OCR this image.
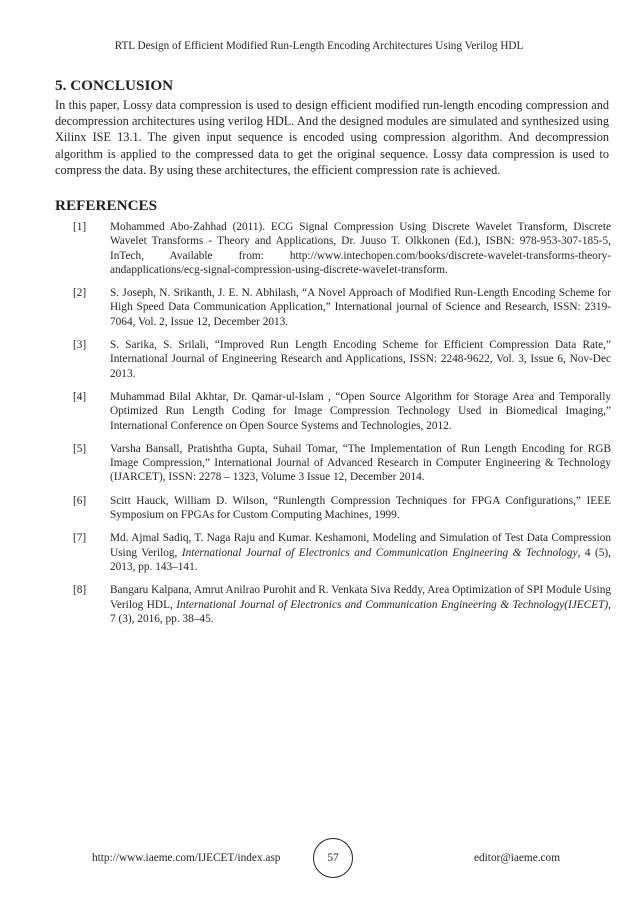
RTL Design of Efficient Modified Run-Length Encoding Architectures Using Verilog HDL
5. CONCLUSION

In this paper, Lossy data compression is used to design efficient modified run-length encoding compression and decompression architectures using verilog HDL. And the designed modules are simulated and synthesized using Xilinx ISE 13.1. The given input sequence is encoded using compression algorithm. And decompression algorithm is applied to the compressed data to get the original sequence. Lossy data compression is used to compress the data. By using these architectures, the efficient compression rate is achieved.

REFERENCES
[1] Mohammed Abo-Zahhad (2011). ECG Signal Compression Using Discrete Wavelet Transform, Discrete Wavelet Transforms - Theory and Applications, Dr. Juuso T. Olkkonen (Ed.), ISBN: 978-953-307-185-5, InTech, Available from: http://www.intechopen.com/books/discrete-wavelet-transforms-theory-andapplications/ecg-signal-compression-using-discrete-wavelet-transform.
[2] S. Joseph, N. Srikanth, J. E. N. Abhilash, “A Novel Approach of Modified Run-Length Encoding Scheme for High Speed Data Communication Application,” International journal of Science and Research, ISSN: 2319-7064, Vol. 2, Issue 12, December 2013.
[3] S. Sarika, S. Srilali, “Improved Run Length Encoding Scheme for Efficient Compression Data Rate,” International Journal of Engineering Research and Applications, ISSN: 2248-9622, Vol. 3, Issue 6, Nov-Dec 2013.
[4] Muhammad Bilal Akhtar, Dr. Qamar-ul-Islam , “Open Source Algorithm for Storage Area and Temporally Optimized Run Length Coding for Image Compression Technology Used in Biomedical Imaging,” International Conference on Open Source Systems and Technologies, 2012.
[5] Varsha Bansall, Pratishtha Gupta, Suhail Tomar, “The Implementation of Run Length Encoding for RGB Image Compression,” International Journal of Advanced Research in Computer Engineering & Technology (IJARCET), ISSN: 2278 – 1323, Volume 3 Issue 12, December 2014.
[6] Scitt Hauck, William D. Wilson, “Runlength Compression Techniques for FPGA Configurations,” IEEE Symposium on FPGAs for Custom Computing Machines, 1999.
[7] Md. Ajmal Sadiq, T. Naga Raju and Kumar. Keshamoni, Modeling and Simulation of Test Data Compression Using Verilog, International Journal of Electronics and Communication Engineering & Technology, 4 (5), 2013, pp. 143–141.
[8] Bangaru Kalpana, Amrut Anilrao Purohit and R. Venkata Siva Reddy, Area Optimization of SPI Module Using Verilog HDL, International Journal of Electronics and Communication Engineering & Technology(IJECET), 7 (3), 2016, pp. 38–45.
http://www.iaeme.com/IJECET/index.asp	57	editor@iaeme.com
